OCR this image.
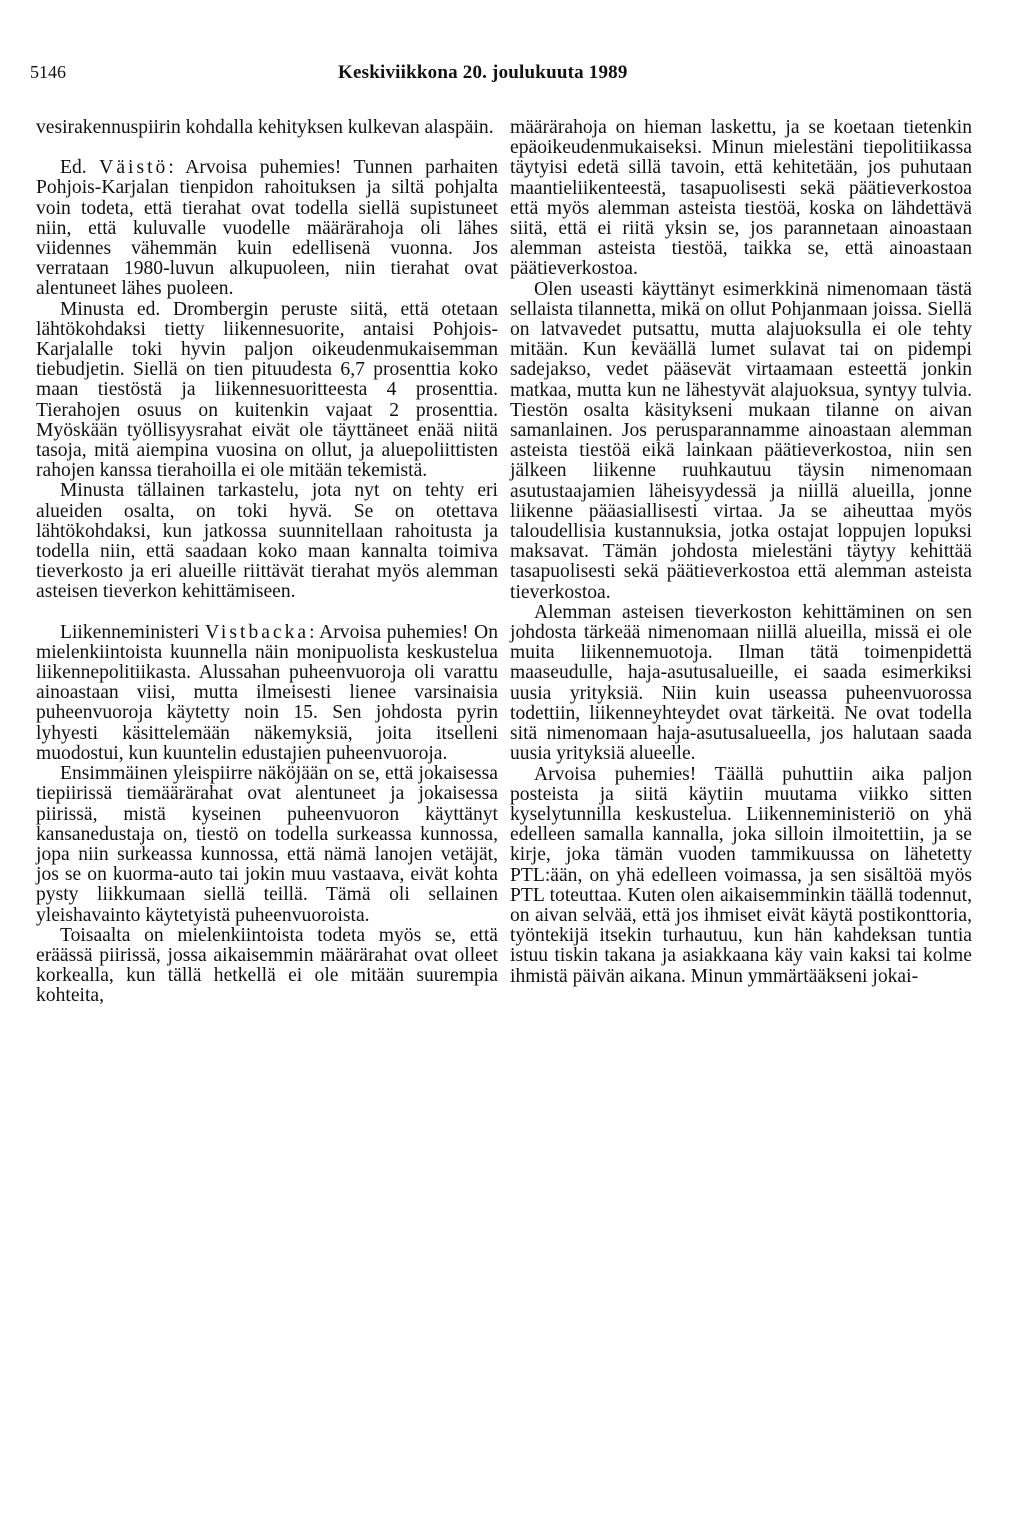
5146	Keskiviikkona 20. joulukuuta 1989

vesirakennuspiirin kohdalla kehityksen kulkevan alaspäin.

Ed. Väistö: Arvoisa puhemies! Tunnen parhaiten Pohjois-Karjalan tienpidon rahoituksen ja siltä pohjalta voin todeta, että tierahat ovat todella siellä supistuneet niin, että kuluvalle vuodelle määrärahoja oli lähes viidennes vähemmän kuin edellisenä vuonna. Jos verrataan 1980-luvun alkupuoleen, niin tierahat ovat alentuneet lähes puoleen.

Minusta ed. Drombergin peruste siitä, että otetaan lähtökohdaksi tietty liikennesuorite, antaisi Pohjois-Karjalalle toki hyvin paljon oikeudenmukaisemman tiebudjetin. Siellä on tien pituudesta 6,7 prosenttia koko maan tiestöstä ja liikennesuoritteesta 4 prosenttia. Tierahojen osuus on kuitenkin vajaat 2 prosenttia. Myöskään työllisyysrahat eivät ole täyttäneet enää niitä tasoja, mitä aiempina vuosina on ollut, ja aluepoliittisten rahojen kanssa tierahoilla ei ole mitään tekemistä.

Minusta tällainen tarkastelu, jota nyt on tehty eri alueiden osalta, on toki hyvä. Se on otettava lähtökohdaksi, kun jatkossa suunnitellaan rahoitusta ja todella niin, että saadaan koko maan kannalta toimiva tieverkosto ja eri alueille riittävät tierahat myös alemman asteisen tieverkon kehittämiseen.

Liikenneministeri Vistbacka: Arvoisa puhemies! On mielenkiintoista kuunnella näin monipuolista keskustelua liikennepolitiikasta. Alussahan puheenvuoroja oli varattu ainoastaan viisi, mutta ilmeisesti lienee varsinaisia puheenvuoroja käytetty noin 15. Sen johdosta pyrin lyhyesti käsittelemään näkemyksiä, joita itselleni muodostui, kun kuuntelin edustajien puheenvuoroja.

Ensimmäinen yleispiirre näköjään on se, että jokaisessa tiepiirissä tiemäärärahat ovat alentuneet ja jokaisessa piirissä, mistä kyseinen puheenvuoron käyttänyt kansanedustaja on, tiestö on todella surkeassa kunnossa, jopa niin surkeassa kunnossa, että nämä lanojen vetäjät, jos se on kuorma-auto tai jokin muu vastaava, eivät kohta pysty liikkumaan siellä teillä. Tämä oli sellainen yleishavainto käytetyistä puheenvuoroista.

Toisaalta on mielenkiintoista todeta myös se, että eräässä piirissä, jossa aikaisemmin määrärahat ovat olleet korkealla, kun tällä hetkellä ei ole mitään suurempia kohteita,

määrärahoja on hieman laskettu, ja se koetaan tietenkin epäoikeudenmukaiseksi. Minun mielestäni tiepolitiikassa täytyisi edetä sillä tavoin, että kehitetään, jos puhutaan maantieliikenteestä, tasapuolisesti sekä päätieverkostoa että myös alemman asteista tiestöä, koska on lähdettävä siitä, että ei riitä yksin se, jos parannetaan ainoastaan alemman asteista tiestöä, taikka se, että ainoastaan päätieverkostoa.

Olen useasti käyttänyt esimerkkinä nimenomaan tästä sellaista tilannetta, mikä on ollut Pohjanmaan joissa. Siellä on latvavedet putsattu, mutta alajuoksulla ei ole tehty mitään. Kun keväällä lumet sulavat tai on pidempi sadejakso, vedet pääsevät virtaamaan esteettä jonkin matkaa, mutta kun ne lähestyvät alajuoksua, syntyy tulvia. Tiestön osalta käsitykseni mukaan tilanne on aivan samanlainen. Jos perusparannamme ainoastaan alemman asteista tiestöä eikä lainkaan päätieverkostoa, niin sen jälkeen liikenne ruuhkautuu täysin nimenomaan asutustaajamien läheisyydessä ja niillä alueilla, jonne liikenne pääasiallisesti virtaa. Ja se aiheuttaa myös taloudellisia kustannuksia, jotka ostajat loppujen lopuksi maksavat. Tämän johdosta mielestäni täytyy kehittää tasapuolisesti sekä päätieverkostoa että alemman asteista tieverkostoa.

Alemman asteisen tieverkoston kehittäminen on sen johdosta tärkeää nimenomaan niillä alueilla, missä ei ole muita liikennemuotoja. Ilman tätä toimenpidettä maaseudulle, haja-asutusalueille, ei saada esimerkiksi uusia yrityksiä. Niin kuin useassa puheenvuorossa todettiin, liikenneyhteydet ovat tärkeitä. Ne ovat todella sitä nimenomaan haja-asutusalueella, jos halutaan saada uusia yrityksiä alueelle.

Arvoisa puhemies! Täällä puhuttiin aika paljon posteista ja siitä käytiin muutama viikko sitten kyselytunnilla keskustelua. Liikenneministeriö on yhä edelleen samalla kannalla, joka silloin ilmoitettiin, ja se kirje, joka tämän vuoden tammikuussa on lähetetty PTL:ään, on yhä edelleen voimassa, ja sen sisältöä myös PTL toteuttaa. Kuten olen aikaisemminkin täällä todennut, on aivan selvää, että jos ihmiset eivät käytä postikonttoria, työntekijä itsekin turhautuu, kun hän kahdeksan tuntia istuu tiskin takana ja asiakkaana käy vain kaksi tai kolme ihmistä päivän aikana. Minun ymmärtääkseni jokai-
